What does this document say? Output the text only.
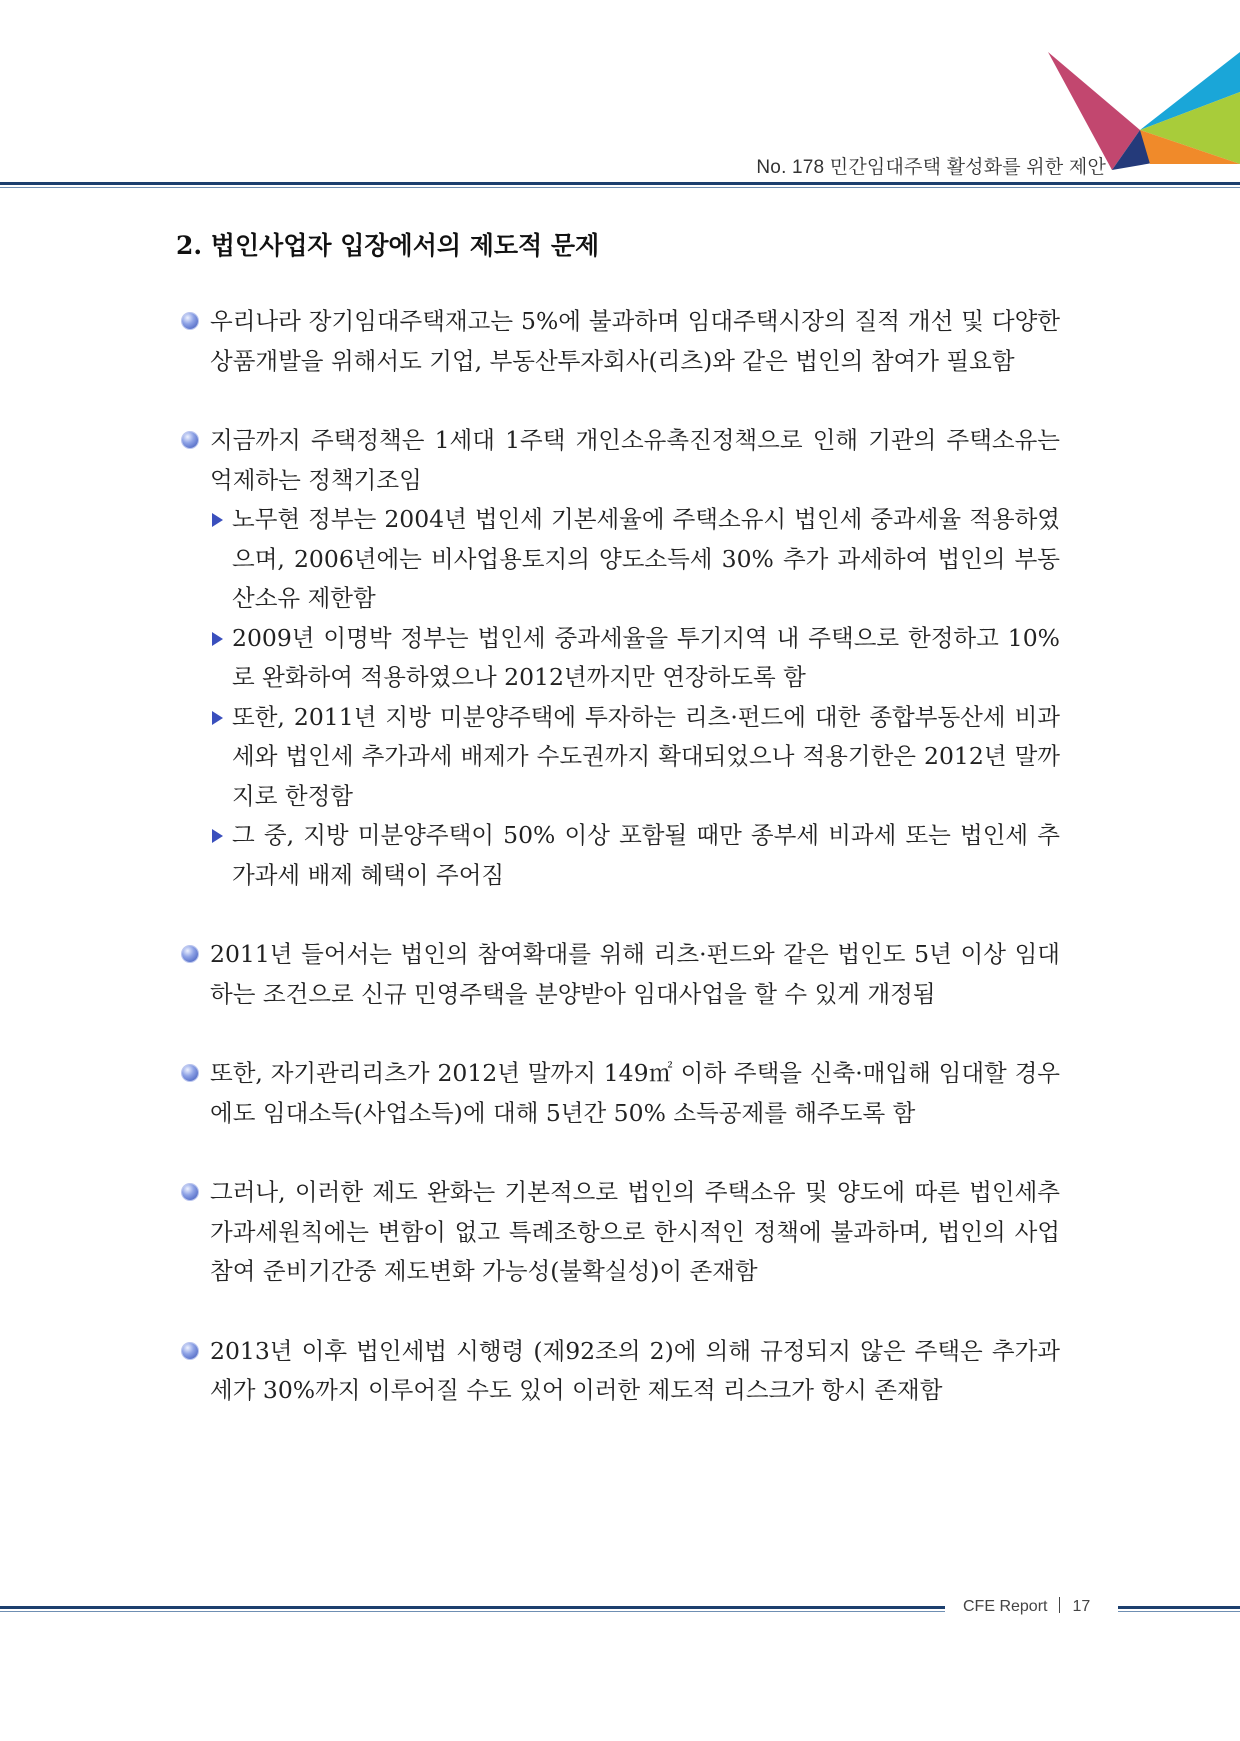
No. 178 민간임대주택 활성화를 위한 제안
2. 법인사업자 입장에서의 제도적 문제
우리나라 장기임대주택재고는 5%에 불과하며 임대주택시장의 질적 개선 및 다양한 상품개발을 위해서도 기업, 부동산투자회사(리츠)와 같은 법인의 참여가 필요함
지금까지 주택정책은 1세대 1주택 개인소유촉진정책으로 인해 기관의 주택소유는 억제하는 정책기조임
노무현 정부는 2004년 법인세 기본세율에 주택소유시 법인세 중과세율 적용하였으며, 2006년에는 비사업용토지의 양도소득세 30% 추가 과세하여 법인의 부동산소유 제한함
2009년 이명박 정부는 법인세 중과세율을 투기지역 내 주택으로 한정하고 10%로 완화하여 적용하였으나 2012년까지만 연장하도록 함
또한, 2011년 지방 미분양주택에 투자하는 리츠·펀드에 대한 종합부동산세 비과세와 법인세 추가과세 배제가 수도권까지 확대되었으나 적용기한은 2012년 말까지로 한정함
그 중, 지방 미분양주택이 50% 이상 포함될 때만 종부세 비과세 또는 법인세 추가과세 배제 혜택이 주어짐
2011년 들어서는 법인의 참여확대를 위해 리츠·펀드와 같은 법인도 5년 이상 임대하는 조건으로 신규 민영주택을 분양받아 임대사업을 할 수 있게 개정됨
또한, 자기관리리츠가 2012년 말까지 149㎡ 이하 주택을 신축·매입해 임대할 경우에도 임대소득(사업소득)에 대해 5년간 50% 소득공제를 해주도록 함
그러나, 이러한 제도 완화는 기본적으로 법인의 주택소유 및 양도에 따른 법인세추가과세원칙에는 변함이 없고 특례조항으로 한시적인 정책에 불과하며, 법인의 사업참여 준비기간중 제도변화 가능성(불확실성)이 존재함
2013년 이후 법인세법 시행령 (제92조의 2)에 의해 규정되지 않은 주택은 추가과세가 30%까지 이루어질 수도 있어 이러한 제도적 리스크가 항시 존재함
CFE Report 17
